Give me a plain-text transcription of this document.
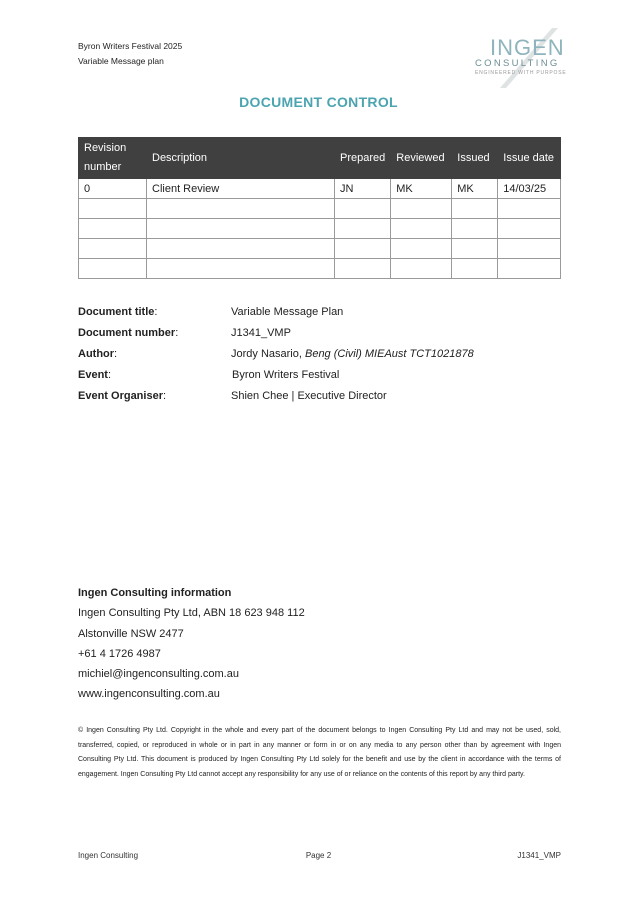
Byron Writers Festival 2025
Variable Message plan
INGEN
CONSULTING
ENGINEERED WITH PURPOSE
DOCUMENT CONTROL
Revision number	Description	Prepared	Reviewed	Issued	Issue date
0	Client Review	JN	MK	MK	14/03/25

Document title:	Variable Message Plan
Document number:	J1341_VMP
Author:	Jordy Nasario, Beng (Civil) MIEAust TCT1021878
Event:	Byron Writers Festival
Event Organiser:	Shien Chee | Executive Director
Ingen Consulting information
Ingen Consulting Pty Ltd, ABN 18 623 948 112
Alstonville NSW 2477
+61 4 1726 4987
michiel@ingenconsulting.com.au
www.ingenconsulting.com.au
© Ingen Consulting Pty Ltd. Copyright in the whole and every part of the document belongs to Ingen Consulting Pty Ltd and may not be used, sold, transferred, copied, or reproduced in whole or in part in any manner or form in or on any media to any person other than by agreement with Ingen Consulting Pty Ltd. This document is produced by Ingen Consulting Pty Ltd solely for the benefit and use by the client in accordance with the terms of engagement. Ingen Consulting Pty Ltd cannot accept any responsibility for any use of or reliance on the contents of this report by any third party.
Ingen Consulting	Page 2	J1341_VMP
